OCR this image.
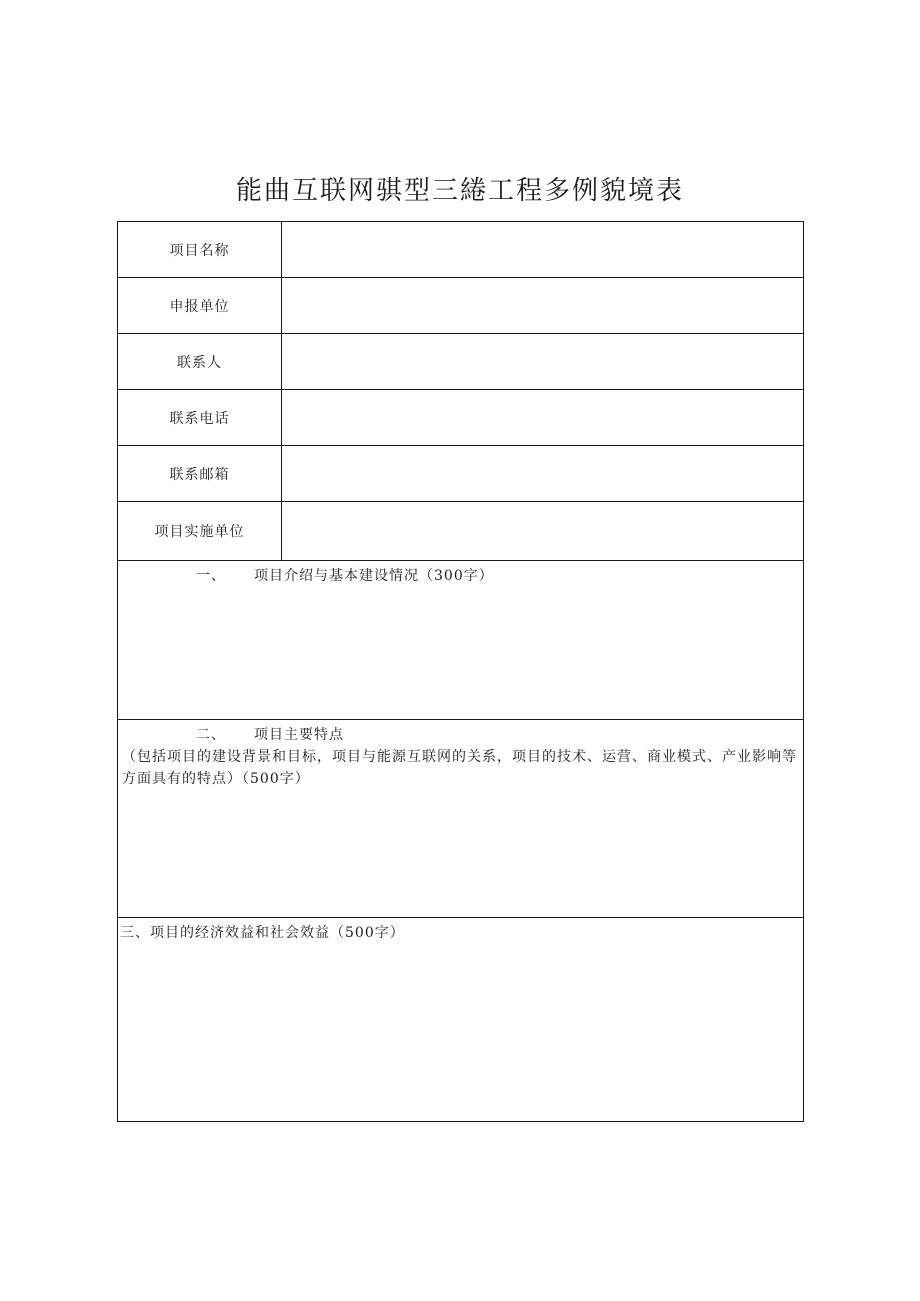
能曲互联网骐型三綣工程多例貌境表
项目名称	
申报单位	
联系人	
联系电话	
联系邮箱	
项目实施单位	

一、 项目介绍与基本建设情况（300字）	

二、 项目主要特点
（包括项目的建设背景和目标，项目与能源互联网的关系，项目的技术、运营、商业模式、产业影响等方面具有的特点）（500字）	

三、项目的经济效益和社会效益（500字）	
